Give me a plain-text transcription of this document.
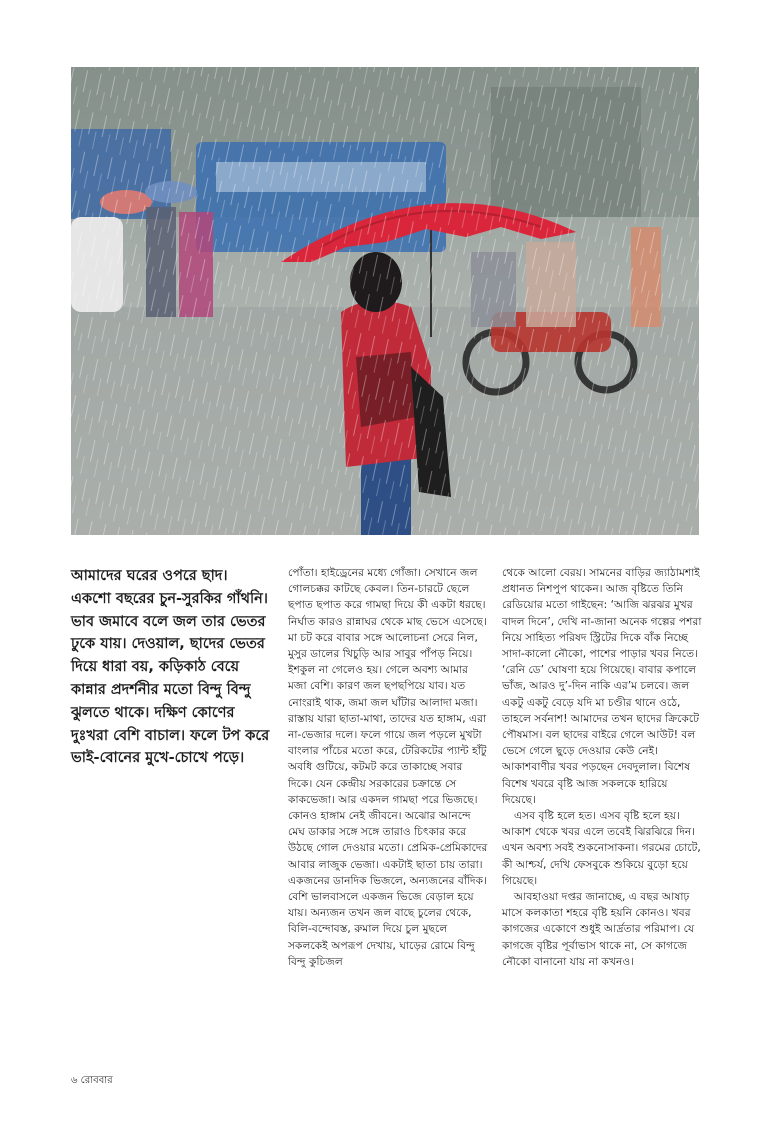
আমাদের ঘরের ওপরে ছাদ। একশো বছরের চুন-সুরকির গাঁথনি। ভাব জমাবে বলে জল তার ভেতর ঢুকে যায়। দেওয়াল, ছাদের ভেতর দিয়ে ধারা বয়, কড়িকাঠ বেয়ে কান্নার প্রদর্শনীর মতো বিন্দু বিন্দু ঝুলতে থাকে। দক্ষিণ কোণের দুঃখরা বেশি বাচাল। ফলে টপ করে ভাই-বোনের মুখে-চোখে পড়ে।

পোঁতা। হাইড্রেনের মধ্যে গোঁজা। সেখানে জল গোলচক্কর কাটছে কেবল। তিন-চারটে ছেলে ছপাত ছপাত করে গামছা দিয়ে কী একটা ধরছে। নির্ঘাত কারও রান্নাঘর থেকে মাছ ভেসে এসেছে। মা চট করে বাবার সঙ্গে আলোচনা সেরে নিল, মুসুর ডালের খিচুড়ি আর সাবুর পাঁপড় নিয়ে। ইশকুল না গেলেও হয়। গেলে অবশ্য আমার মজা বেশি। কারণ জল ছপছপিয়ে যাব। যত নোংরাই থাক, জমা জল ঘাঁটার আলাদা মজা। রাস্তায় যারা ছাতা-মাথা, তাদের যত হাঙ্গাম, এরা না-ভেজার দলে। ফলে গায়ে জল পড়লে মুখটা বাংলার পাঁচের মতো করে, টেরিকটের প্যান্ট হাঁটু অবধি গুটিয়ে, কটমট করে তাকাচ্ছে সবার দিকে। যেন কেন্দ্রীয় সরকারের চক্রান্তে সে কাকভেজা। আর একদল গামছা পরে ভিজছে। কোনও হাঙ্গাম নেই জীবনে। অঝোর আনন্দে মেঘ ডাকার সঙ্গে সঙ্গে তারাও চিৎকার করে উঠছে গোল দেওয়ার মতো। প্রেমিক-প্রেমিকাদের আবার লাজুক ভেজা। একটাই ছাতা চায় তারা। একজনের ডানদিক ভিজলে, অন্যজনের বাঁদিক। বেশি ভালবাসলে একজন ভিজে বেড়াল হয়ে যায়। অন্যজন তখন জল বাছে চুলের থেকে, বিলি-বন্দোবস্ত, রুমাল দিয়ে চুল মুছলে সকলকেই অপরূপ দেখায়, ঘাড়ের রোমে বিন্দু বিন্দু কুচিজল

থেকে আলো বেরয়। সামনের বাড়ির জ্যাঠামশাই প্রধানত নিশপুপ থাকেন। আজ বৃষ্টিতে তিনি রেডিয়োর মতো গাইছেন: ‘আজি ঝরঝর মুখর বাদল দিনে’, দেখি না-জানা অনেক গল্পের পশরা নিয়ে সাহিত্য পরিষদ স্ট্রিটের দিকে বাঁক নিচ্ছে সাদা-কালো নৌকো, পাশের পাড়ার খবর নিতে। ‘রেনি ডে’ ঘোষণা হয়ে গিয়েছে। বাবার কপালে ভাঁজ, আরও দু’-দিন নাকি এর’ম চলবে। জল একটু একটু বেড়ে যদি মা চণ্ডীর থানে ওঠে, তাহলে সর্বনাশ! আমাদের তখন ছাদের ক্রিকেটে পৌষমাস। বল ছাদের বাইরে গেলে আউট! বল ভেসে গেলে ছুড়ে দেওয়ার কেউ নেই। আকাশবাণীর খবর পড়ছেন দেবদুলাল। বিশেষ বিশেষ খবরে বৃষ্টি আজ সকলকে হারিয়ে দিয়েছে।

এসব বৃষ্টি হলে হত। এসব বৃষ্টি হলে হয়। আকাশ থেকে খবর এলে তবেই ঝিরঝিরে দিন। এখন অবশ্য সবই শুকনোসাকনা। গরমের চোটে, কী আশ্চর্য, দেখি ফেসবুকে শুকিয়ে বুড়ো হয়ে গিয়েছে।

আবহাওয়া দপ্তর জানাচ্ছে, এ বছর আষাঢ় মাসে কলকাতা শহরে বৃষ্টি হয়নি কোনও। খবর কাগজের একোণে শুধুই আর্দ্রতার পরিমাপ। যে কাগজে বৃষ্টির পূর্বাভাস থাকে না, সে কাগজে নৌকো বানানো যায় না কখনও।

৬ রোববার
